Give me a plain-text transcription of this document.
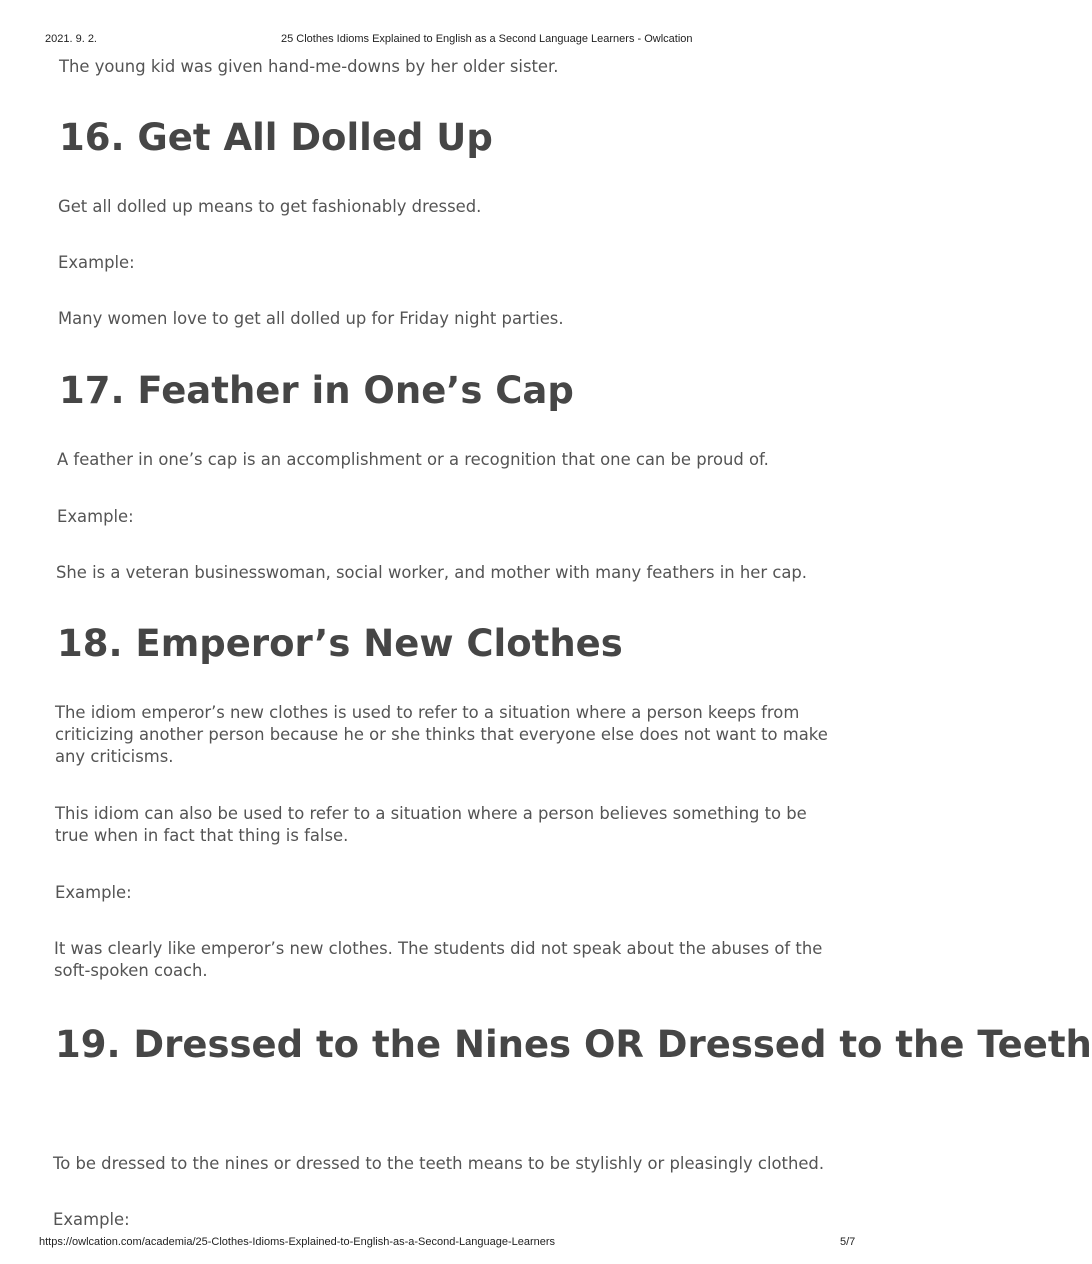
2021. 9. 2.	25 Clothes Idioms Explained to English as a Second Language Learners - Owlcation
The young kid was given hand-me-downs by her older sister.
16. Get All Dolled Up
Get all dolled up means to get fashionably dressed.
Example:
Many women love to get all dolled up for Friday night parties.
17. Feather in One’s Cap
A feather in one’s cap is an accomplishment or a recognition that one can be proud of.
Example:
She is a veteran businesswoman, social worker, and mother with many feathers in her cap.
18. Emperor’s New Clothes
The idiom emperor’s new clothes is used to refer to a situation where a person keeps from criticizing another person because he or she thinks that everyone else does not want to make any criticisms.
This idiom can also be used to refer to a situation where a person believes something to be true when in fact that thing is false.
Example:
It was clearly like emperor’s new clothes. The students did not speak about the abuses of the soft-spoken coach.
19. Dressed to the Nines OR Dressed to the Teeth
To be dressed to the nines or dressed to the teeth means to be stylishly or pleasingly clothed.
Example:
https://owlcation.com/academia/25-Clothes-Idioms-Explained-to-English-as-a-Second-Language-Learners	5/7
